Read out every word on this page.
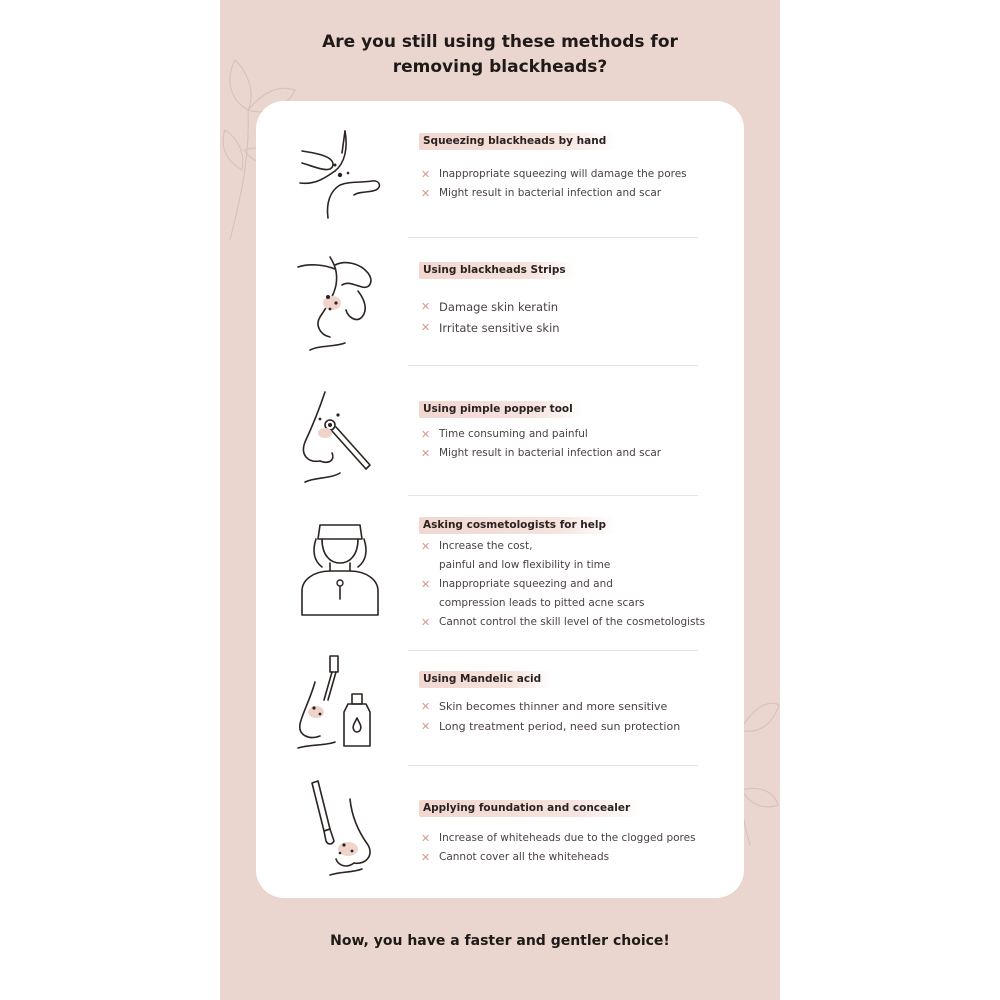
Are you still using these methods for
removing blackheads?
Squeezing blackheads by hand
✕ Inappropriate squeezing will damage the pores
✕ Might result in bacterial infection and scar
Using blackheads Strips
✕ Damage skin keratin
✕ Irritate sensitive skin
Using pimple popper tool
✕ Time consuming and painful
✕ Might result in bacterial infection and scar
Asking cosmetologists for help
✕ Increase the cost,
painful and low flexibility in time
✕ Inappropriate squeezing and and
compression leads to pitted acne scars
✕ Cannot control the skill level of the cosmetologists
Using Mandelic acid
✕ Skin becomes thinner and more sensitive
✕ Long treatment period, need sun protection
Applying foundation and concealer
✕ Increase of whiteheads due to the clogged pores
✕ Cannot cover all the whiteheads
Now, you have a faster and gentler choice!
